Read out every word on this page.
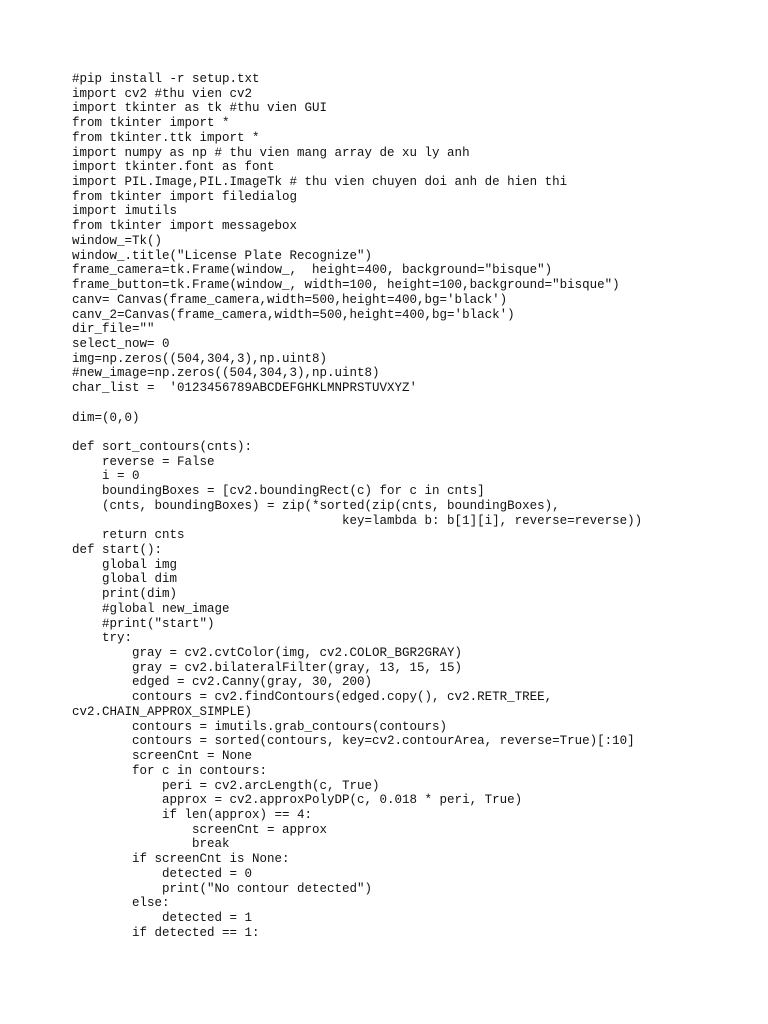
#pip install -r setup.txt
import cv2 #thu vien cv2
import tkinter as tk #thu vien GUI
from tkinter import *
from tkinter.ttk import *
import numpy as np # thu vien mang array de xu ly anh
import tkinter.font as font
import PIL.Image,PIL.ImageTk # thu vien chuyen doi anh de hien thi
from tkinter import filedialog
import imutils
from tkinter import messagebox
window_=Tk()
window_.title("License Plate Recognize")
frame_camera=tk.Frame(window_,  height=400, background="bisque")
frame_button=tk.Frame(window_, width=100, height=100,background="bisque")
canv= Canvas(frame_camera,width=500,height=400,bg='black')
canv_2=Canvas(frame_camera,width=500,height=400,bg='black')
dir_file=""
select_now= 0
img=np.zeros((504,304,3),np.uint8)
#new_image=np.zeros((504,304,3),np.uint8)
char_list =  '0123456789ABCDEFGHKLMNPRSTUVXYZ'
dim=(0,0)
def sort_contours(cnts):
reverse = False
i = 0
boundingBoxes = [cv2.boundingRect(c) for c in cnts]
(cnts, boundingBoxes) = zip(*sorted(zip(cnts, boundingBoxes),
key=lambda b: b[1][i], reverse=reverse))
return cnts
def start():
global img
global dim
print(dim)
#global new_image
#print("start")
try:
gray = cv2.cvtColor(img, cv2.COLOR_BGR2GRAY)
gray = cv2.bilateralFilter(gray, 13, 15, 15)
edged = cv2.Canny(gray, 30, 200)
contours = cv2.findContours(edged.copy(), cv2.RETR_TREE,
cv2.CHAIN_APPROX_SIMPLE)
contours = imutils.grab_contours(contours)
contours = sorted(contours, key=cv2.contourArea, reverse=True)[:10]
screenCnt = None
for c in contours:
peri = cv2.arcLength(c, True)
approx = cv2.approxPolyDP(c, 0.018 * peri, True)
if len(approx) == 4:
screenCnt = approx
break
if screenCnt is None:
detected = 0
print("No contour detected")
else:
detected = 1
if detected == 1:
